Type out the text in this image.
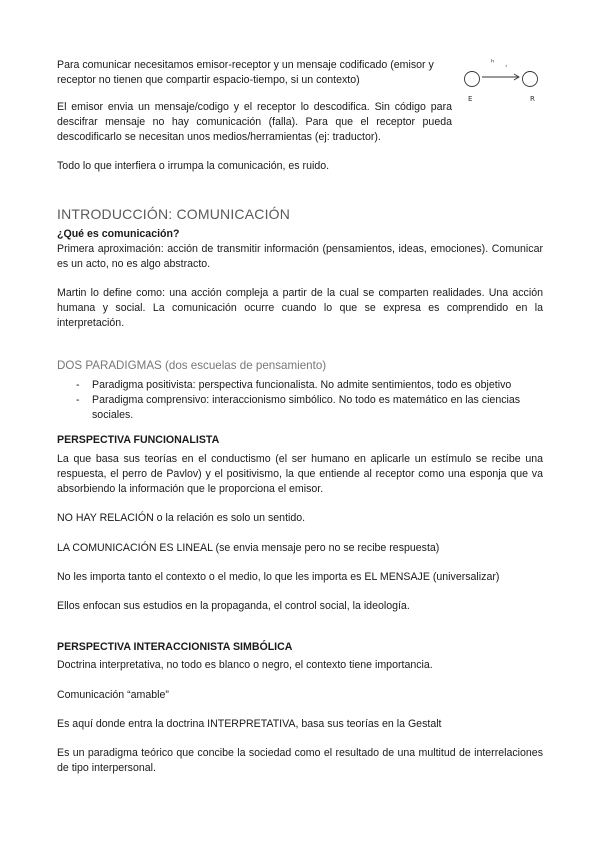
Para comunicar necesitamos emisor-receptor y un mensaje codificado (emisor y receptor no tienen que compartir espacio-tiempo, si un contexto)

El emisor envia un mensaje/codigo y el receptor lo descodifica. Sin código para descifrar mensaje no hay comunicación (falla). Para que el receptor pueda descodificarlo se necesitan unos medios/herramientas (ej: traductor).

Todo lo que interfiera o irrumpa la comunicación, es ruido.

INTRODUCCIÓN: COMUNICACIÓN

¿Qué es comunicación?

Primera aproximación: acción de transmitir información (pensamientos, ideas, emociones). Comunicar es un acto, no es algo abstracto.

Martin lo define como: una acción compleja a partir de la cual se comparten realidades. Una acción humana y social. La comunicación ocurre cuando lo que se expresa es comprendido en la interpretación.

DOS PARADIGMAS (dos escuelas de pensamiento)
- Paradigma positivista: perspectiva funcionalista. No admite sentimientos, todo es objetivo
- Paradigma comprensivo: interaccionismo simbólico. No todo es matemático en las ciencias sociales.

PERSPECTIVA FUNCIONALISTA

La que basa sus teorías en el conductismo (el ser humano en aplicarle un estímulo se recibe una respuesta, el perro de Pavlov) y el positivismo, la que entiende al receptor como una esponja que va absorbiendo la información que le proporciona el emisor.

NO HAY RELACIÓN o la relación es solo un sentido.

LA COMUNICACIÓN ES LINEAL (se envia mensaje pero no se recibe respuesta)

No les importa tanto el contexto o el medio, lo que les importa es EL MENSAJE (universalizar)

Ellos enfocan sus estudios en la propaganda, el control social, la ideología.

PERSPECTIVA INTERACCIONISTA SIMBÓLICA

Doctrina interpretativa, no todo es blanco o negro, el contexto tiene importancia.

Comunicación “amable”

Es aquí donde entra la doctrina INTERPRETATIVA, basa sus teorías en la Gestalt

Es un paradigma teórico que concibe la sociedad como el resultado de una multitud de interrelaciones de tipo interpersonal.

ʰ ˌ
E	R
